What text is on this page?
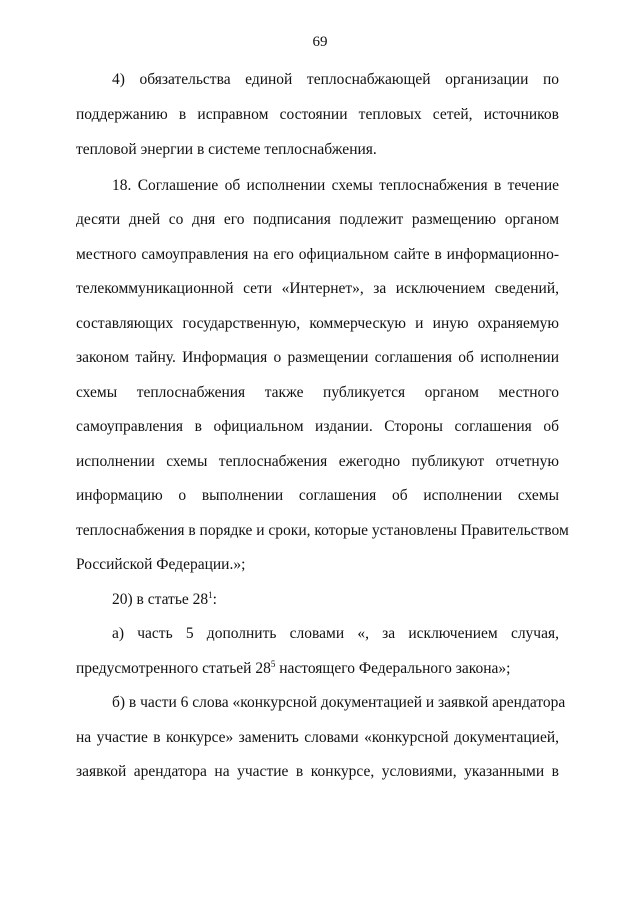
69
4) обязательства единой теплоснабжающей организации по
поддержанию в исправном состоянии тепловых сетей, источников
тепловой энергии в системе теплоснабжения.
18. Соглашение об исполнении схемы теплоснабжения в течение
десяти дней со дня его подписания подлежит размещению органом
местного самоуправления на его официальном сайте в информационно-
телекоммуникационной сети «Интернет», за исключением сведений,
составляющих государственную, коммерческую и иную охраняемую
законом тайну. Информация о размещении соглашения об исполнении
схемы теплоснабжения также публикуется органом местного
самоуправления в официальном издании. Стороны соглашения об
исполнении схемы теплоснабжения ежегодно публикуют отчетную
информацию о выполнении соглашения об исполнении схемы
теплоснабжения в порядке и сроки, которые установлены Правительством
Российской Федерации.»;
20) в статье $28^1$:
а) часть 5 дополнить словами «, за исключением случая,
предусмотренного статьей $28^5$ настоящего Федерального закона»;
б) в части 6 слова «конкурсной документацией и заявкой арендатора
на участие в конкурсе» заменить словами «конкурсной документацией,
заявкой арендатора на участие в конкурсе, условиями, указанными в
